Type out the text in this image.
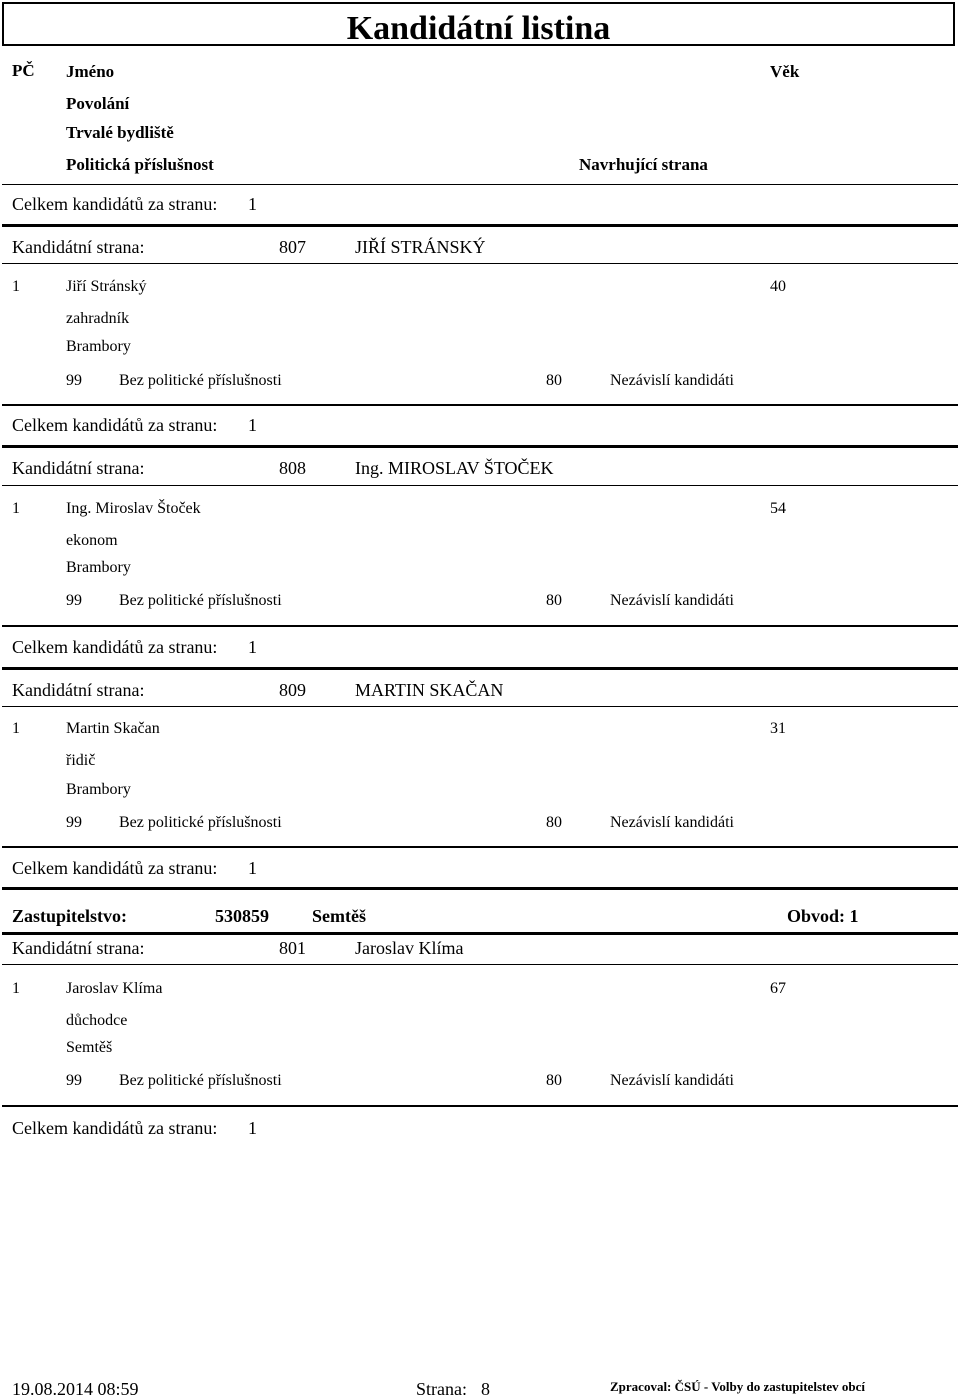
Kandidátní listina
PČ Jméno	Věk
Povolání
Trvalé bydliště
Politická příslušnost	Navrhující strana
Celkem kandidátů za stranu: 1
Kandidátní strana:	807	JIŘÍ STRÁNSKÝ
1	Jiří Stránský	40
zahradník
Brambory
99 Bez politické příslušnosti	80	Nezávislí kandidáti
Celkem kandidátů za stranu: 1
Kandidátní strana:	808	Ing. MIROSLAV ŠTOČEK
1	Ing. Miroslav Štoček	54
ekonom
Brambory
99 Bez politické příslušnosti	80	Nezávislí kandidáti
Celkem kandidátů za stranu: 1
Kandidátní strana:	809	MARTIN SKAČAN
1	Martin Skačan	31
řidič
Brambory
99 Bez politické příslušnosti	80	Nezávislí kandidáti
Celkem kandidátů za stranu: 1
Zastupitelstvo:	530859 Semtěš	Obvod: 1
Kandidátní strana:	801	Jaroslav Klíma
1	Jaroslav Klíma	67
důchodce
Semtěš
99 Bez politické příslušnosti	80	Nezávislí kandidáti
Celkem kandidátů za stranu: 1
19.08.2014 08:59	Strana: 8	Zpracoval: ČSÚ - Volby do zastupitelstev obcí
